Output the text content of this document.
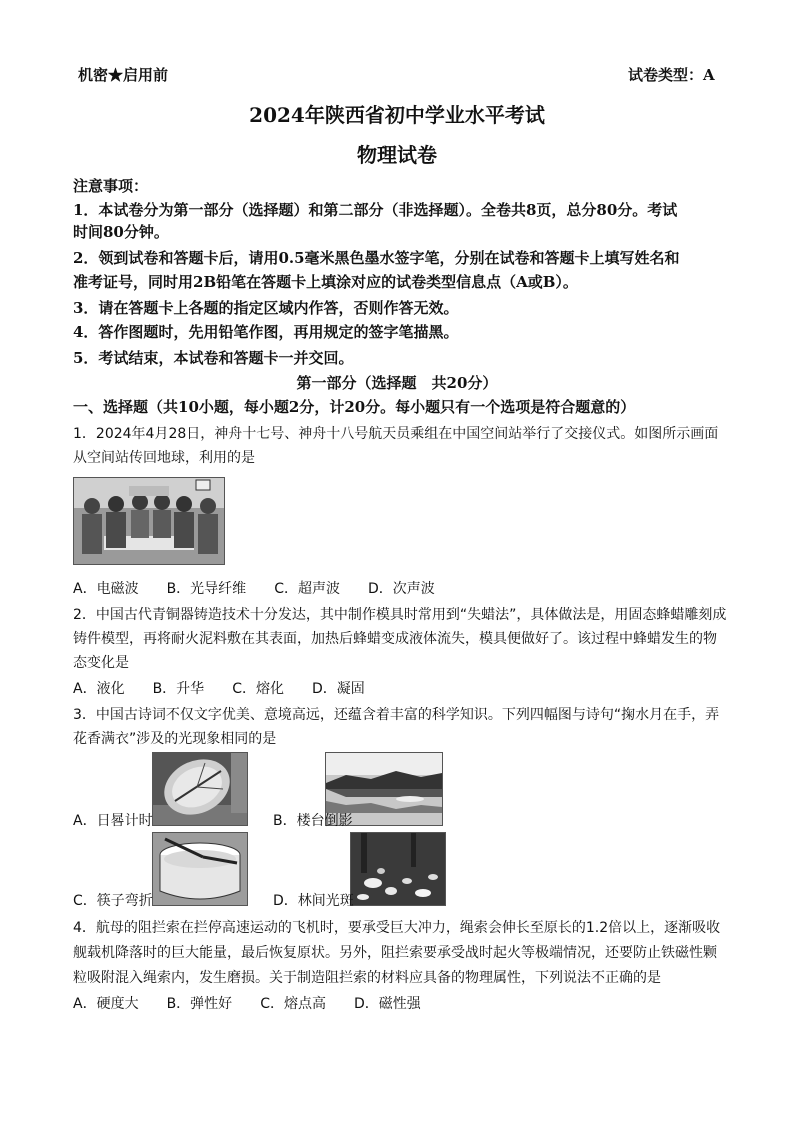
机密★启用前	试卷类型：A
2024年陕西省初中学业水平考试
物理试卷
注意事项：
1．本试卷分为第一部分（选择题）和第二部分（非选择题）。全卷共8页，总分80分。考试
时间80分钟。
2．领到试卷和答题卡后，请用0.5毫米黑色墨水签字笔，分别在试卷和答题卡上填写姓名和
准考证号，同时用2B铅笔在答题卡上填涂对应的试卷类型信息点（A或B）。
3．请在答题卡上各题的指定区域内作答，否则作答无效。
4．答作图题时，先用铅笔作图，再用规定的签字笔描黑。
5．考试结束，本试卷和答题卡一并交回。
第一部分（选择题　共20分）
一、选择题（共10小题，每小题2分，计20分。每小题只有一个选项是符合题意的）
1．2024年4月28日，神舟十七号、神舟十八号航天员乘组在中国空间站举行了交接仪式。如图所示画面
从空间站传回地球，利用的是
A．电磁波 B．光导纤维 C．超声波 D．次声波
2．中国古代青铜器铸造技术十分发达，其中制作模具时常用到“失蜡法”，具体做法是，用固态蜂蜡雕刻成
铸件模型，再将耐火泥料敷在其表面，加热后蜂蜡变成液体流失，模具便做好了。该过程中蜂蜡发生的物
态变化是
A．液化 B．升华 C．熔化 D．凝固
3．中国古诗词不仅文字优美、意境高远，还蕴含着丰富的科学知识。下列四幅图与诗句“掬水月在手，弄
花香满衣”涉及的光现象相同的是
A．日晷计时	B．楼台倒影
C．筷子弯折	D．林间光斑
4．航母的阻拦索在拦停高速运动的飞机时，要承受巨大冲力，绳索会伸长至原长的1.2倍以上，逐渐吸收
舰载机降落时的巨大能量，最后恢复原状。另外，阻拦索要承受战时起火等极端情况，还要防止铁磁性颗
粒吸附混入绳索内，发生磨损。关于制造阻拦索的材料应具备的物理属性，下列说法不正确的是
A．硬度大 B．弹性好 C．熔点高 D．磁性强
